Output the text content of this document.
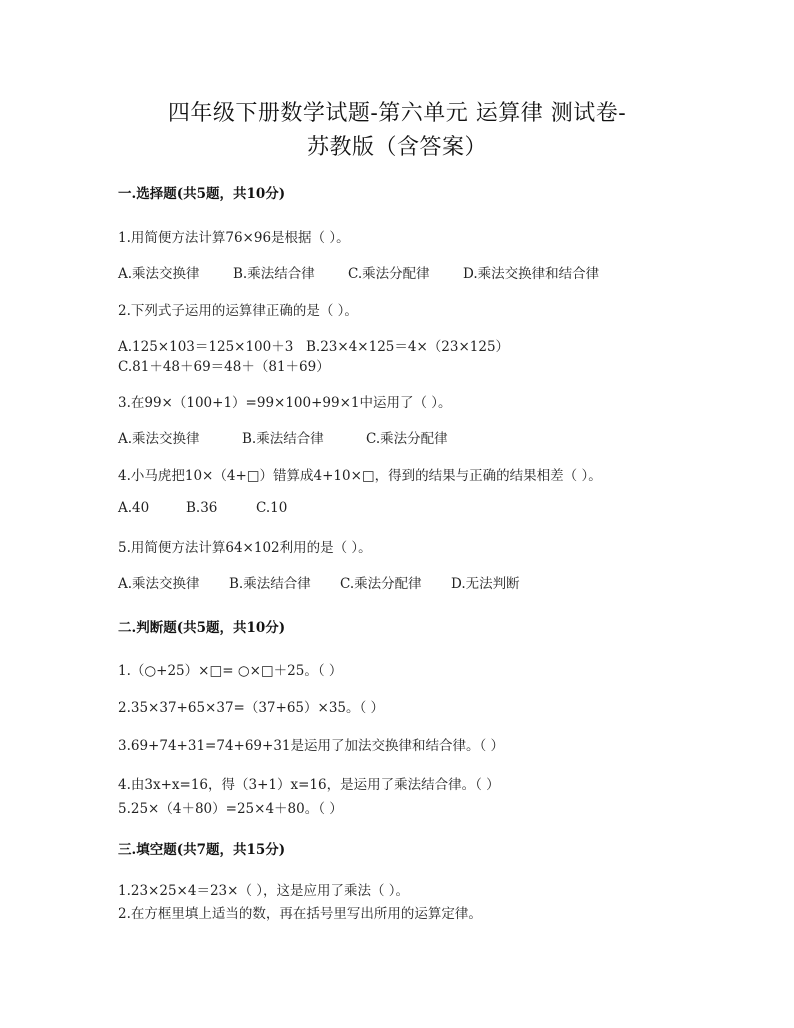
四年级下册数学试题-第六单元 运算律 测试卷-
苏教版（含答案）
一.选择题(共5题，共10分)
1.用简便方法计算76×96是根据（ ）。
A.乘法交换律 B.乘法结合律 C.乘法分配律 D.乘法交换律和结合律
2.下列式子运用的运算律正确的是（ ）。
A.125×103＝125×100＋3 B.23×4×125＝4×（23×125）
C.81＋48＋69＝48＋（81＋69）
3.在99×（100+1）=99×100+99×1中运用了（ ）。
A.乘法交换律	B.乘法结合律	C.乘法分配律
4.小马虎把10×（4+□）错算成4+10×□，得到的结果与正确的结果相差（ ）。
A.40	B.36	C.10
5.用简便方法计算64×102利用的是（ ）。
A.乘法交换律 B.乘法结合律 C.乘法分配律 D.无法判断
二.判断题(共5题，共10分)
1.（○+25）×□= ○×□＋25。（ ）
2.35×37+65×37=（37+65）×35。（ ）
3.69+74+31=74+69+31是运用了加法交换律和结合律。（ ）
4.由3x+x=16，得（3+1）x=16，是运用了乘法结合律。（ ）
5.25×（4＋80）=25×4＋80。（ ）
三.填空题(共7题，共15分)
1.23×25×4＝23×（ ），这是应用了乘法（ ）。
2.在方框里填上适当的数，再在括号里写出所用的运算定律。
